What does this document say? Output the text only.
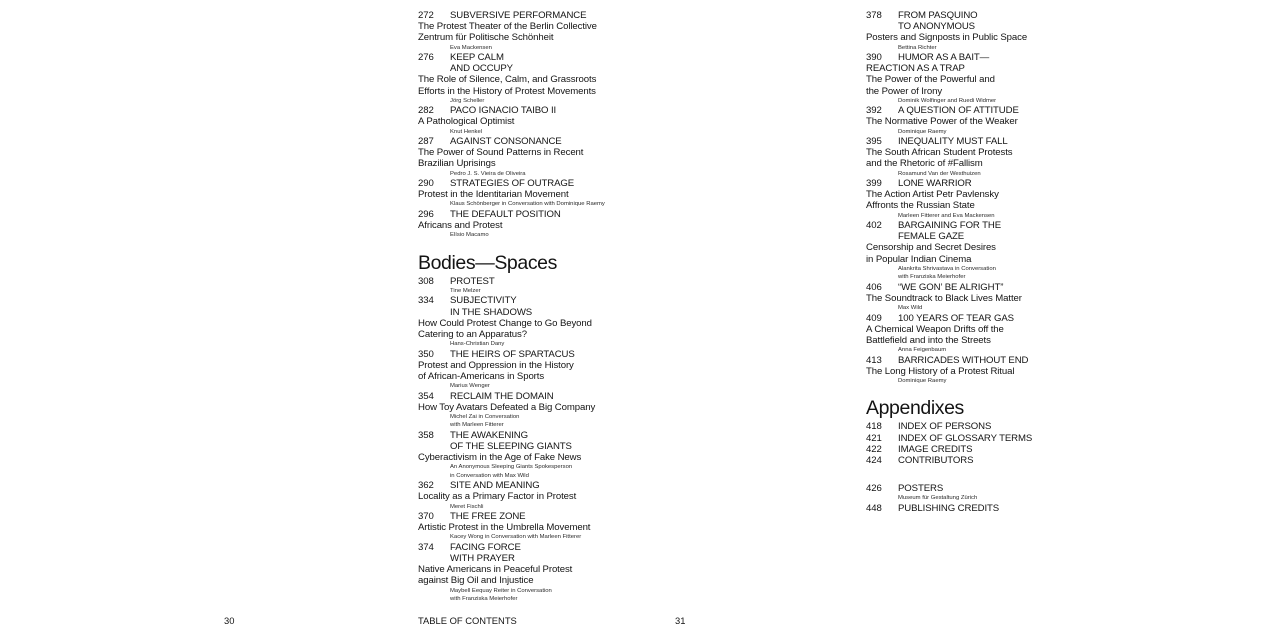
272 SUBVERSIVE PERFORMANCE
The Protest Theater of the Berlin Collective
Zentrum für Politische Schönheit
Eva Mackensen
276 KEEP CALM
AND OCCUPY
The Role of Silence, Calm, and Grassroots
Efforts in the History of Protest Movements
Jörg Scheller
282 PACO IGNACIO TAIBO II
A Pathological Optimist
Knut Henkel
287 AGAINST CONSONANCE
The Power of Sound Patterns in Recent
Brazilian Uprisings
Pedro J. S. Vieira de Oliveira
290 STRATEGIES OF OUTRAGE
Protest in the Identitarian Movement
Klaus Schönberger in Conversation with Dominique Raemy
296 THE DEFAULT POSITION
Africans and Protest
Elísio Macamo
Bodies—Spaces
308 PROTEST
Tine Melzer
334 SUBJECTIVITY
IN THE SHADOWS
How Could Protest Change to Go Beyond
Catering to an Apparatus?
Hans-Christian Dany
350 THE HEIRS OF SPARTACUS
Protest and Oppression in the History
of African-Americans in Sports
Marius Wenger
354 RECLAIM THE DOMAIN
How Toy Avatars Defeated a Big Company
Michel Zai in Conversation
with Marleen Fitterer
358 THE AWAKENING
OF THE SLEEPING GIANTS
Cyberactivism in the Age of Fake News
An Anonymous Sleeping Giants Spokesperson
in Conversation with Max Wild
362 SITE AND MEANING
Locality as a Primary Factor in Protest
Meret Fischli
370 THE FREE ZONE
Artistic Protest in the Umbrella Movement
Kacey Wong in Conversation with Marleen Fitterer
374 FACING FORCE
WITH PRAYER
Native Americans in Peaceful Protest
against Big Oil and Injustice
Maybell Eequay Reiter in Conversation
with Franziska Meierhofer
378 FROM PASQUINO
TO ANONYMOUS
Posters and Signposts in Public Space
Bettina Richter
390 HUMOR AS A BAIT—
REACTION AS A TRAP
The Power of the Powerful and
the Power of Irony
Dominik Wolfinger and Ruedi Widmer
392 A QUESTION OF ATTITUDE
The Normative Power of the Weaker
Dominique Raemy
395 INEQUALITY MUST FALL
The South African Student Protests
and the Rhetoric of #Fallism
Rosamund Van der Westhuizen
399 LONE WARRIOR
The Action Artist Petr Pavlensky
Affronts the Russian State
Marleen Fitterer and Eva Mackensen
402 BARGAINING FOR THE
FEMALE GAZE
Censorship and Secret Desires
in Popular Indian Cinema
Alankrita Shrivastava in Conversation
with Franziska Meierhofer
406 “WE GON’ BE ALRIGHT”
The Soundtrack to Black Lives Matter
Max Wild
409 100 YEARS OF TEAR GAS
A Chemical Weapon Drifts off the
Battlefield and into the Streets
Anna Feigenbaum
413 BARRICADES WITHOUT END
The Long History of a Protest Ritual
Dominique Raemy
Appendixes
418 INDEX OF PERSONS
421 INDEX OF GLOSSARY TERMS
422 IMAGE CREDITS
424 CONTRIBUTORS
426 POSTERS
Museum für Gestaltung Zürich
448 PUBLISHING CREDITS
30	TABLE OF CONTENTS	31
